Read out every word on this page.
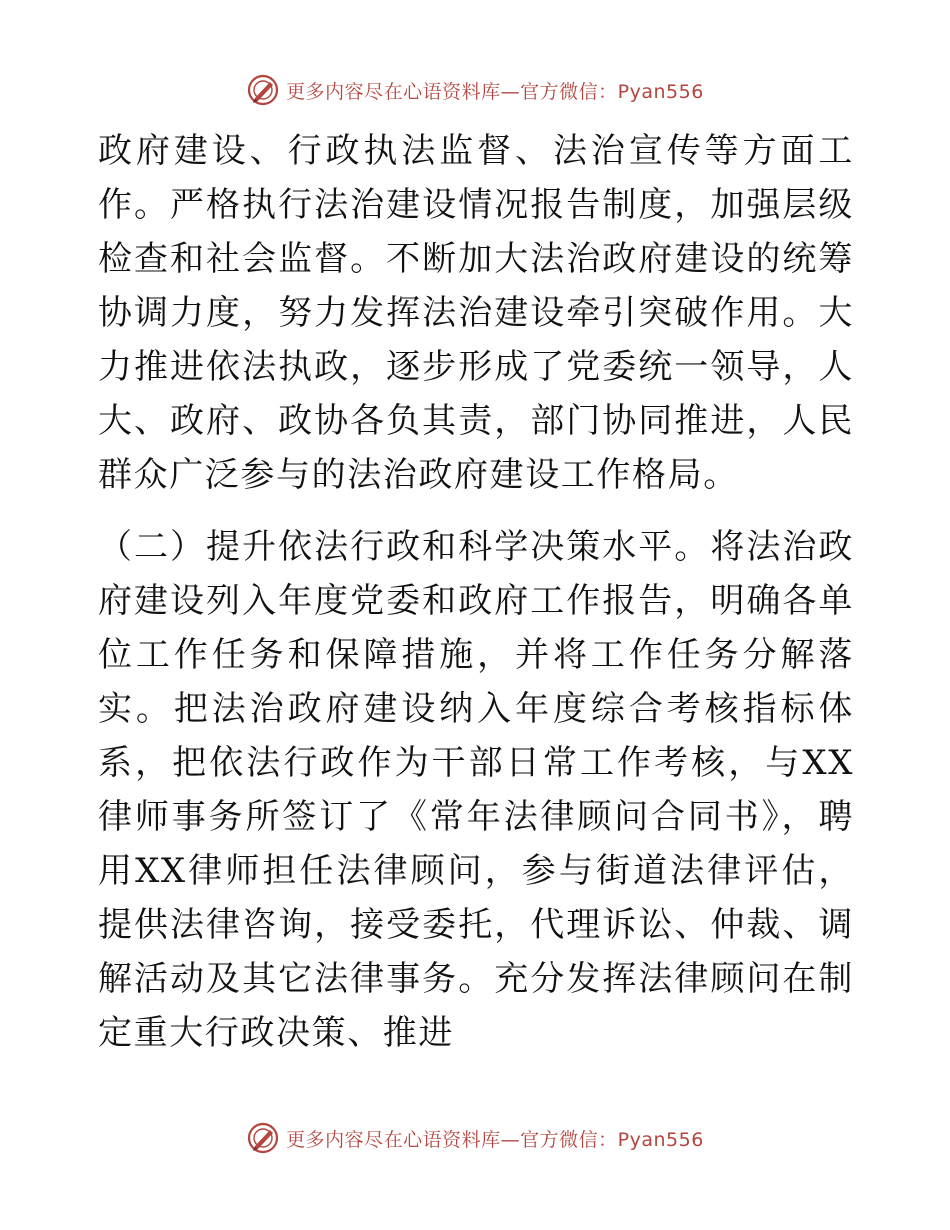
更多内容尽在心语资料库—官方微信：Pyan556

政府建设、行政执法监督、法治宣传等方面工作。严格执行法治建设情况报告制度，加强层级检查和社会监督。不断加大法治政府建设的统筹协调力度，努力发挥法治建设牵引突破作用。大力推进依法执政，逐步形成了党委统一领导，人大、政府、政协各负其责，部门协同推进，人民群众广泛参与的法治政府建设工作格局。

（二）提升依法行政和科学决策水平。将法治政府建设列入年度党委和政府工作报告，明确各单位工作任务和保障措施，并将工作任务分解落实。把法治政府建设纳入年度综合考核指标体系，把依法行政作为干部日常工作考核，与XX律师事务所签订了《常年法律顾问合同书》，聘用XX律师担任法律顾问，参与街道法律评估，提供法律咨询，接受委托，代理诉讼、仲裁、调解活动及其它法律事务。充分发挥法律顾问在制定重大行政决策、推进

更多内容尽在心语资料库—官方微信：Pyan556
